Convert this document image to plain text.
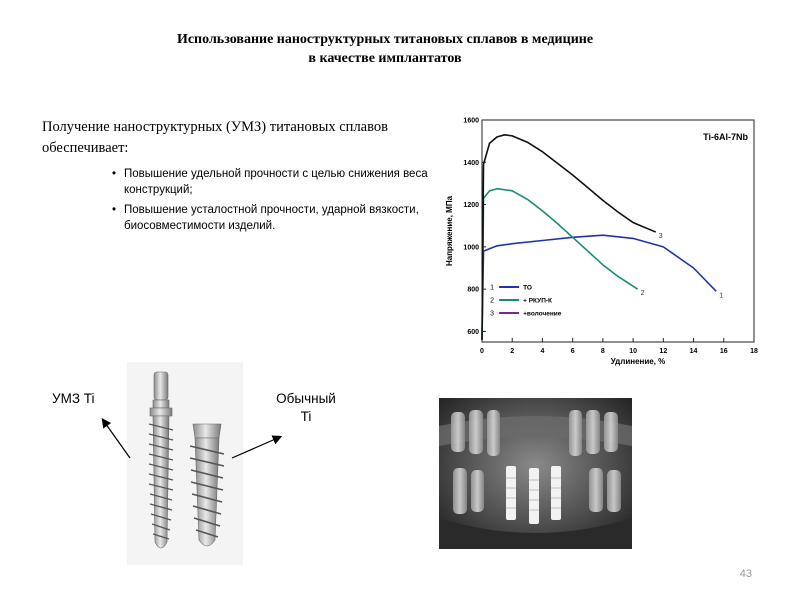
Использование наноструктурных титановых сплавов в медицине
в качестве имплантатов
Получение наноструктурных (УМЗ) титановых сплавов обеспечивает:
• Повышение удельной прочности с целью снижения веса конструкций;
• Повышение усталостной прочности, ударной вязкости, биосовместимости изделий.
0	2	4	6	8	10	12	14	16	18
600
800
1000
1200
1400
1600
Удлинение, %
Напряжение, МПа
Ti-6Al-7Nb
1
2
3
1	ТО
2	+ РКУП-К
3	+волочение
УМЗ Ti	Обычный
Ti
43
